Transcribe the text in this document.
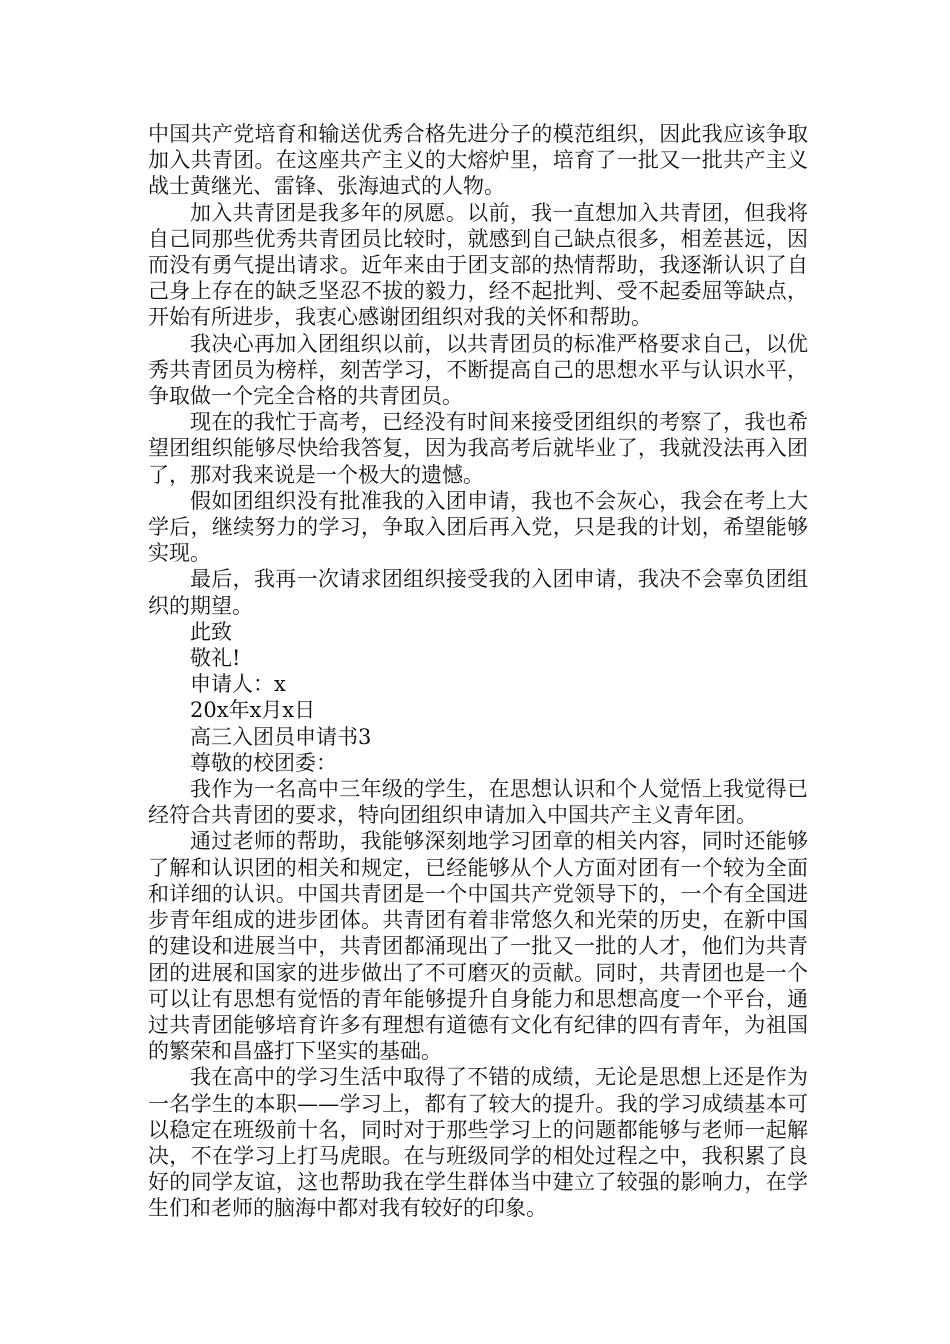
中国共产党培育和输送优秀合格先进分子的模范组织，因此我应该争取加入共青团。在这座共产主义的大熔炉里，培育了一批又一批共产主义战士黄继光、雷锋、张海迪式的人物。

加入共青团是我多年的夙愿。以前，我一直想加入共青团，但我将自己同那些优秀共青团员比较时，就感到自己缺点很多，相差甚远，因而没有勇气提出请求。近年来由于团支部的热情帮助，我逐渐认识了自己身上存在的缺乏坚忍不拔的毅力，经不起批判、受不起委屈等缺点，开始有所进步，我衷心感谢团组织对我的关怀和帮助。

我决心再加入团组织以前，以共青团员的标准严格要求自己，以优秀共青团员为榜样，刻苦学习，不断提高自己的思想水平与认识水平，争取做一个完全合格的共青团员。

现在的我忙于高考，已经没有时间来接受团组织的考察了，我也希望团组织能够尽快给我答复，因为我高考后就毕业了，我就没法再入团了，那对我来说是一个极大的遗憾。

假如团组织没有批准我的入团申请，我也不会灰心，我会在考上大学后，继续努力的学习，争取入团后再入党，只是我的计划，希望能够实现。

最后，我再一次请求团组织接受我的入团申请，我决不会辜负团组织的期望。

此致

敬礼!

申请人：x

20x年x月x日

高三入团员申请书3

尊敬的校团委：

我作为一名高中三年级的学生，在思想认识和个人觉悟上我觉得已经符合共青团的要求，特向团组织申请加入中国共产主义青年团。

通过老师的帮助，我能够深刻地学习团章的相关内容，同时还能够了解和认识团的相关和规定，已经能够从个人方面对团有一个较为全面和详细的认识。中国共青团是一个中国共产党领导下的，一个有全国进步青年组成的进步团体。共青团有着非常悠久和光荣的历史，在新中国的建设和进展当中，共青团都涌现出了一批又一批的人才，他们为共青团的进展和国家的进步做出了不可磨灭的贡献。同时，共青团也是一个可以让有思想有觉悟的青年能够提升自身能力和思想高度一个平台，通过共青团能够培育许多有理想有道德有文化有纪律的四有青年，为祖国的繁荣和昌盛打下坚实的基础。

我在高中的学习生活中取得了不错的成绩，无论是思想上还是作为一名学生的本职——学习上，都有了较大的提升。我的学习成绩基本可以稳定在班级前十名，同时对于那些学习上的问题都能够与老师一起解决，不在学习上打马虎眼。在与班级同学的相处过程之中，我积累了良好的同学友谊，这也帮助我在学生群体当中建立了较强的影响力，在学生们和老师的脑海中都对我有较好的印象。
